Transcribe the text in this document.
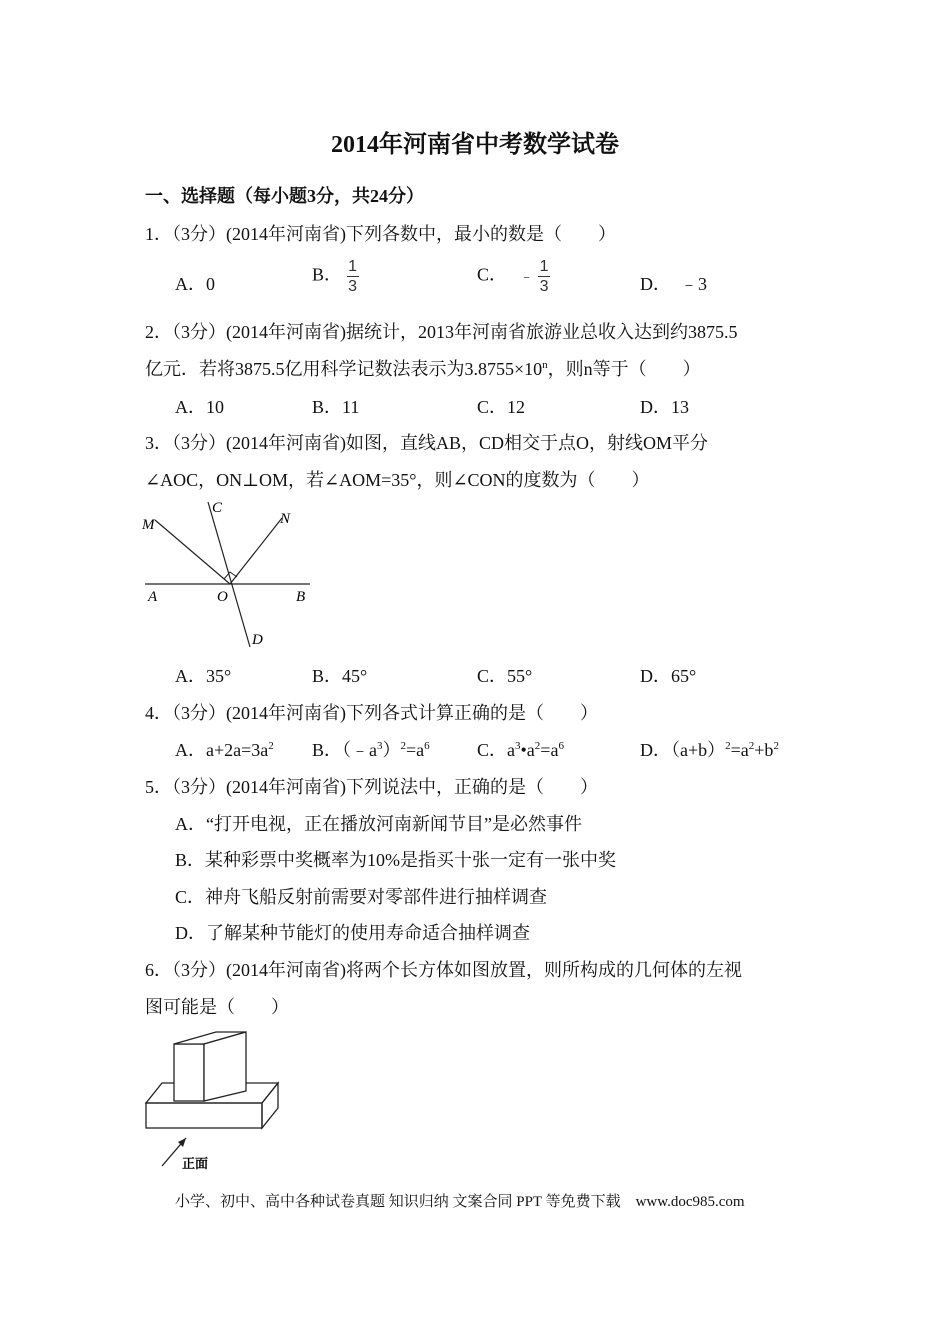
2014年河南省中考数学试卷
一、选择题（每小题3分，共24分）
1．（3分）(2014年河南省)下列各数中，最小的数是（　　）
A．0	B． $\frac{1}{3}$	C． ﹣ $\frac{1}{3}$	D．　﹣3
2．（3分）(2014年河南省)据统计，2013年河南省旅游业总收入达到约3875.5
亿元．若将3875.5亿用科学记数法表示为$3.8755\times 10^n$，则n等于（　　）
A．10	B．11	C．12	D．13
3．（3分）(2014年河南省)如图，直线AB，CD相交于点O，射线OM平分
∠AOC，ON⊥OM，若∠AOM=35°，则∠CON的度数为（　　）
M
C
N
A	O	B
D
A．35°	B．45°	C．55°	D．65°
4．（3分）(2014年河南省)下列各式计算正确的是（　　）
A．$a+2a=3a^2$ B．$(﹣a^3)^2=a^6$	C．$a^3•a^2=a^6$	D．$(a+b)^2=a^2+b^2$
5．（3分）(2014年河南省)下列说法中，正确的是（　　）
A．“打开电视，正在播放河南新闻节目”是必然事件
B．某种彩票中奖概率为10%是指买十张一定有一张中奖
C．神舟飞船反射前需要对零部件进行抽样调查
D．了解某种节能灯的使用寿命适合抽样调查
6．（3分）(2014年河南省)将两个长方体如图放置，则所构成的几何体的左视
图可能是（　　）
正面
小学、初中、高中各种试卷真题 知识归纳 文案合同 PPT 等免费下载　www.doc985.com
